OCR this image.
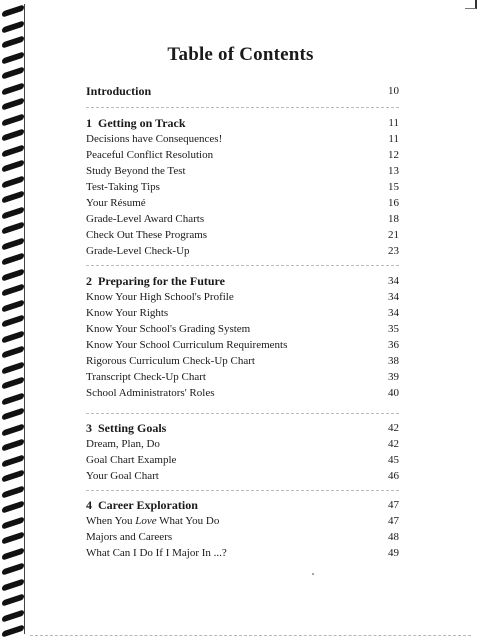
Table of Contents
Introduction	10
1 Getting on Track	11
Decisions have Consequences!	11
Peaceful Conflict Resolution	12
Study Beyond the Test	13
Test-Taking Tips	15
Your Résumé	16
Grade-Level Award Charts	18
Check Out These Programs	21
Grade-Level Check-Up	23
2 Preparing for the Future	34
Know Your High School's Profile	34
Know Your Rights	34
Know Your School's Grading System	35
Know Your School Curriculum Requirements	36
Rigorous Curriculum Check-Up Chart	38
Transcript Check-Up Chart	39
School Administrators' Roles	40
3 Setting Goals	42
Dream, Plan, Do	42
Goal Chart Example	45
Your Goal Chart	46
4 Career Exploration	47
When You Love What You Do	47
Majors and Careers	48
What Can I Do If I Major In ...?	49
